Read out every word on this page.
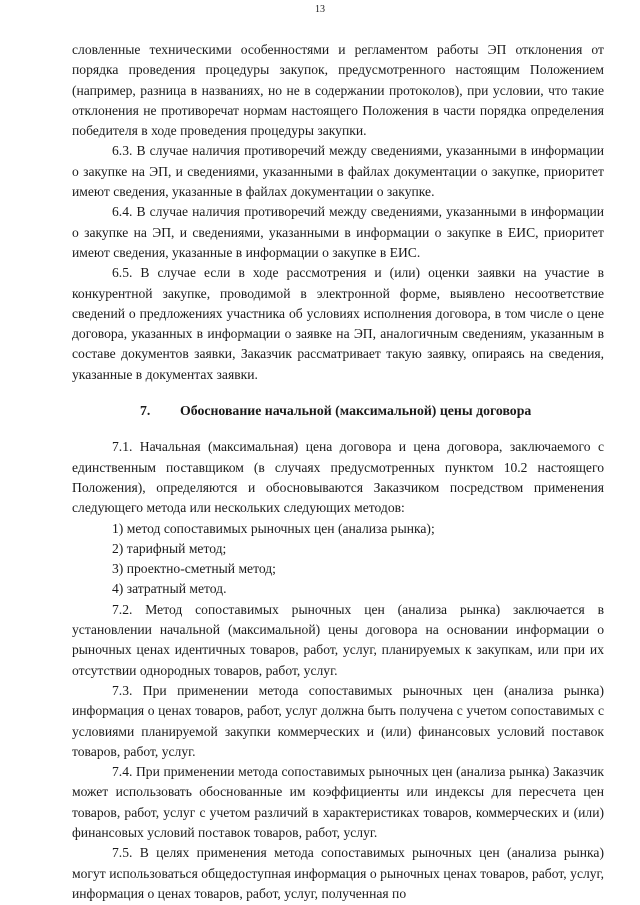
13

словленные техническими особенностями и регламентом работы ЭП отклонения от порядка проведения процедуры закупок, предусмотренного настоящим Положением (например, разница в названиях, но не в содержании протоколов), при условии, что такие отклонения не противоречат нормам настоящего Положения в части порядка определения победителя в ходе проведения процедуры закупки.

6.3. В случае наличия противоречий между сведениями, указанными в информации о закупке на ЭП, и сведениями, указанными в файлах документации о закупке, приоритет имеют сведения, указанные в файлах документации о закупке.

6.4. В случае наличия противоречий между сведениями, указанными в информации о закупке на ЭП, и сведениями, указанными в информации о закупке в ЕИС, приоритет имеют сведения, указанные в информации о закупке в ЕИС.

6.5. В случае если в ходе рассмотрения и (или) оценки заявки на участие в конкурентной закупке, проводимой в электронной форме, выявлено несоответствие сведений о предложениях участника об условиях исполнения договора, в том числе о цене договора, указанных в информации о заявке на ЭП, аналогичным сведениям, указанным в составе документов заявки, Заказчик рассматривает такую заявку, опираясь на сведения, указанные в документах заявки.

7. Обоснование начальной (максимальной) цены договора

7.1. Начальная (максимальная) цена договора и цена договора, заключаемого с единственным поставщиком (в случаях предусмотренных пунктом 10.2 настоящего Положения), определяются и обосновываются Заказчиком посредством применения следующего метода или нескольких следующих методов:

1) метод сопоставимых рыночных цен (анализа рынка);

2) тарифный метод;

3) проектно-сметный метод;

4) затратный метод.

7.2. Метод сопоставимых рыночных цен (анализа рынка) заключается в установлении начальной (максимальной) цены договора на основании информации о рыночных ценах идентичных товаров, работ, услуг, планируемых к закупкам, или при их отсутствии однородных товаров, работ, услуг.

7.3. При применении метода сопоставимых рыночных цен (анализа рынка) информация о ценах товаров, работ, услуг должна быть получена с учетом сопоставимых с условиями планируемой закупки коммерческих и (или) финансовых условий поставок товаров, работ, услуг.

7.4. При применении метода сопоставимых рыночных цен (анализа рынка) Заказчик может использовать обоснованные им коэффициенты или индексы для пересчета цен товаров, работ, услуг с учетом различий в характеристиках товаров, коммерческих и (или) финансовых условий поставок товаров, работ, услуг.

7.5. В целях применения метода сопоставимых рыночных цен (анализа рынка) могут использоваться общедоступная информация о рыночных ценах товаров, работ, услуг, информация о ценах товаров, работ, услуг, полученная по
